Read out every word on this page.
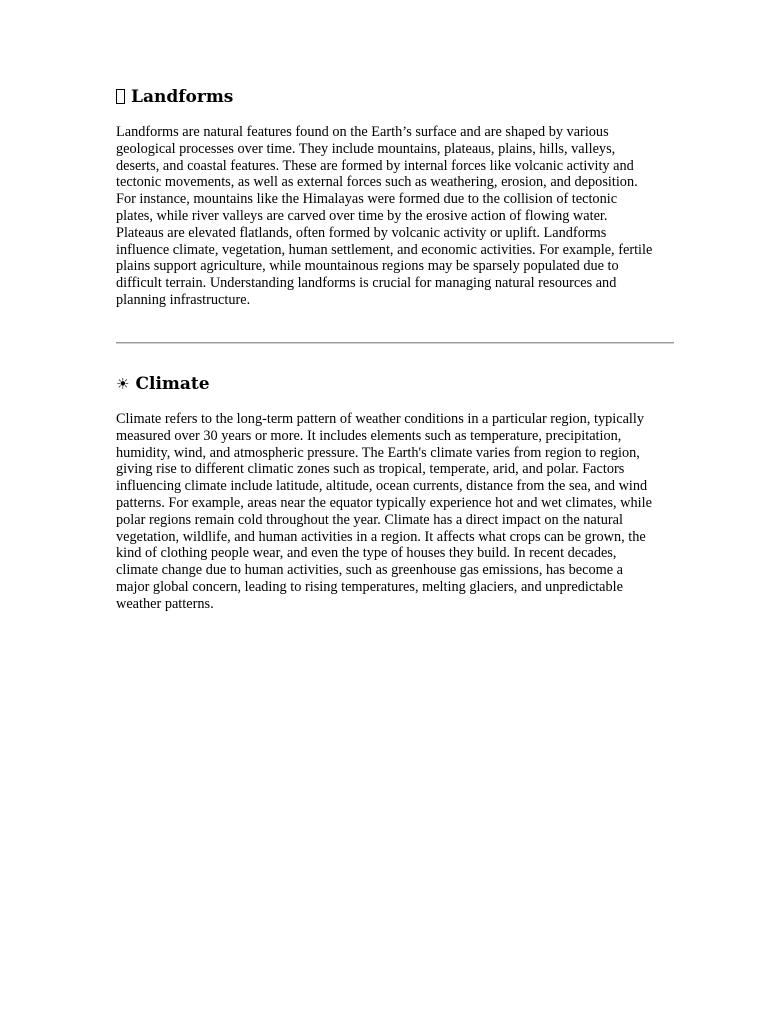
Landforms

Landforms are natural features found on the Earth’s surface and are shaped by various geological processes over time. They include mountains, plateaus, plains, hills, valleys, deserts, and coastal features. These are formed by internal forces like volcanic activity and tectonic movements, as well as external forces such as weathering, erosion, and deposition. For instance, mountains like the Himalayas were formed due to the collision of tectonic plates, while river valleys are carved over time by the erosive action of flowing water. Plateaus are elevated flatlands, often formed by volcanic activity or uplift. Landforms influence climate, vegetation, human settlement, and economic activities. For example, fertile plains support agriculture, while mountainous regions may be sparsely populated due to difficult terrain. Understanding landforms is crucial for managing natural resources and planning infrastructure.

☀ Climate

Climate refers to the long-term pattern of weather conditions in a particular region, typically measured over 30 years or more. It includes elements such as temperature, precipitation, humidity, wind, and atmospheric pressure. The Earth's climate varies from region to region, giving rise to different climatic zones such as tropical, temperate, arid, and polar. Factors influencing climate include latitude, altitude, ocean currents, distance from the sea, and wind patterns. For example, areas near the equator typically experience hot and wet climates, while polar regions remain cold throughout the year. Climate has a direct impact on the natural vegetation, wildlife, and human activities in a region. It affects what crops can be grown, the kind of clothing people wear, and even the type of houses they build. In recent decades, climate change due to human activities, such as greenhouse gas emissions, has become a major global concern, leading to rising temperatures, melting glaciers, and unpredictable weather patterns.
